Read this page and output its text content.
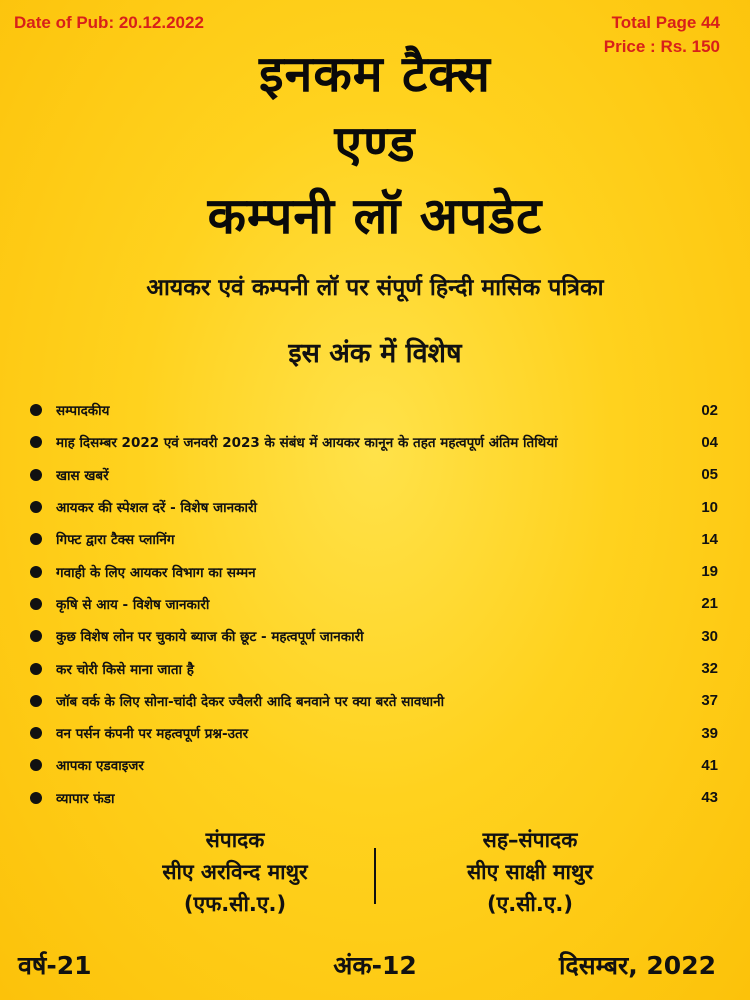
Date of Pub: 20.12.2022	Total Page 44
Price : Rs. 150
इनकम टैक्स
एण्ड
कम्पनी लॉ अपडेट
आयकर एवं कम्पनी लॉ पर संपूर्ण हिन्दी मासिक पत्रिका
इस अंक में विशेष
सम्पादकीय	02
माह दिसम्बर 2022 एवं जनवरी 2023 के संबंध में आयकर कानून के तहत महत्वपूर्ण अंतिम तिथियां	04
खास खबरें	05
आयकर की स्पेशल दरें - विशेष जानकारी	10
गिफ्ट द्वारा टैक्स प्लानिंग	14
गवाही के लिए आयकर विभाग का सम्मन	19
कृषि से आय - विशेष जानकारी	21
कुछ विशेष लोन पर चुकाये ब्याज की छूट - महत्वपूर्ण जानकारी	30
कर चोरी किसे माना जाता है	32
जॉब वर्क के लिए सोना-चांदी देकर ज्वैलरी आदि बनवाने पर क्या बरते सावधानी	37
वन पर्सन कंपनी पर महत्वपूर्ण प्रश्न-उतर	39
आपका एडवाइजर	41
व्यापार फंडा	43
संपादक
सीए अरविन्द माथुर
(एफ.सी.ए.)
सह–संपादक
सीए साक्षी माथुर
(ए.सी.ए.)
वर्ष-21	अंक-12	दिसम्बर, 2022
